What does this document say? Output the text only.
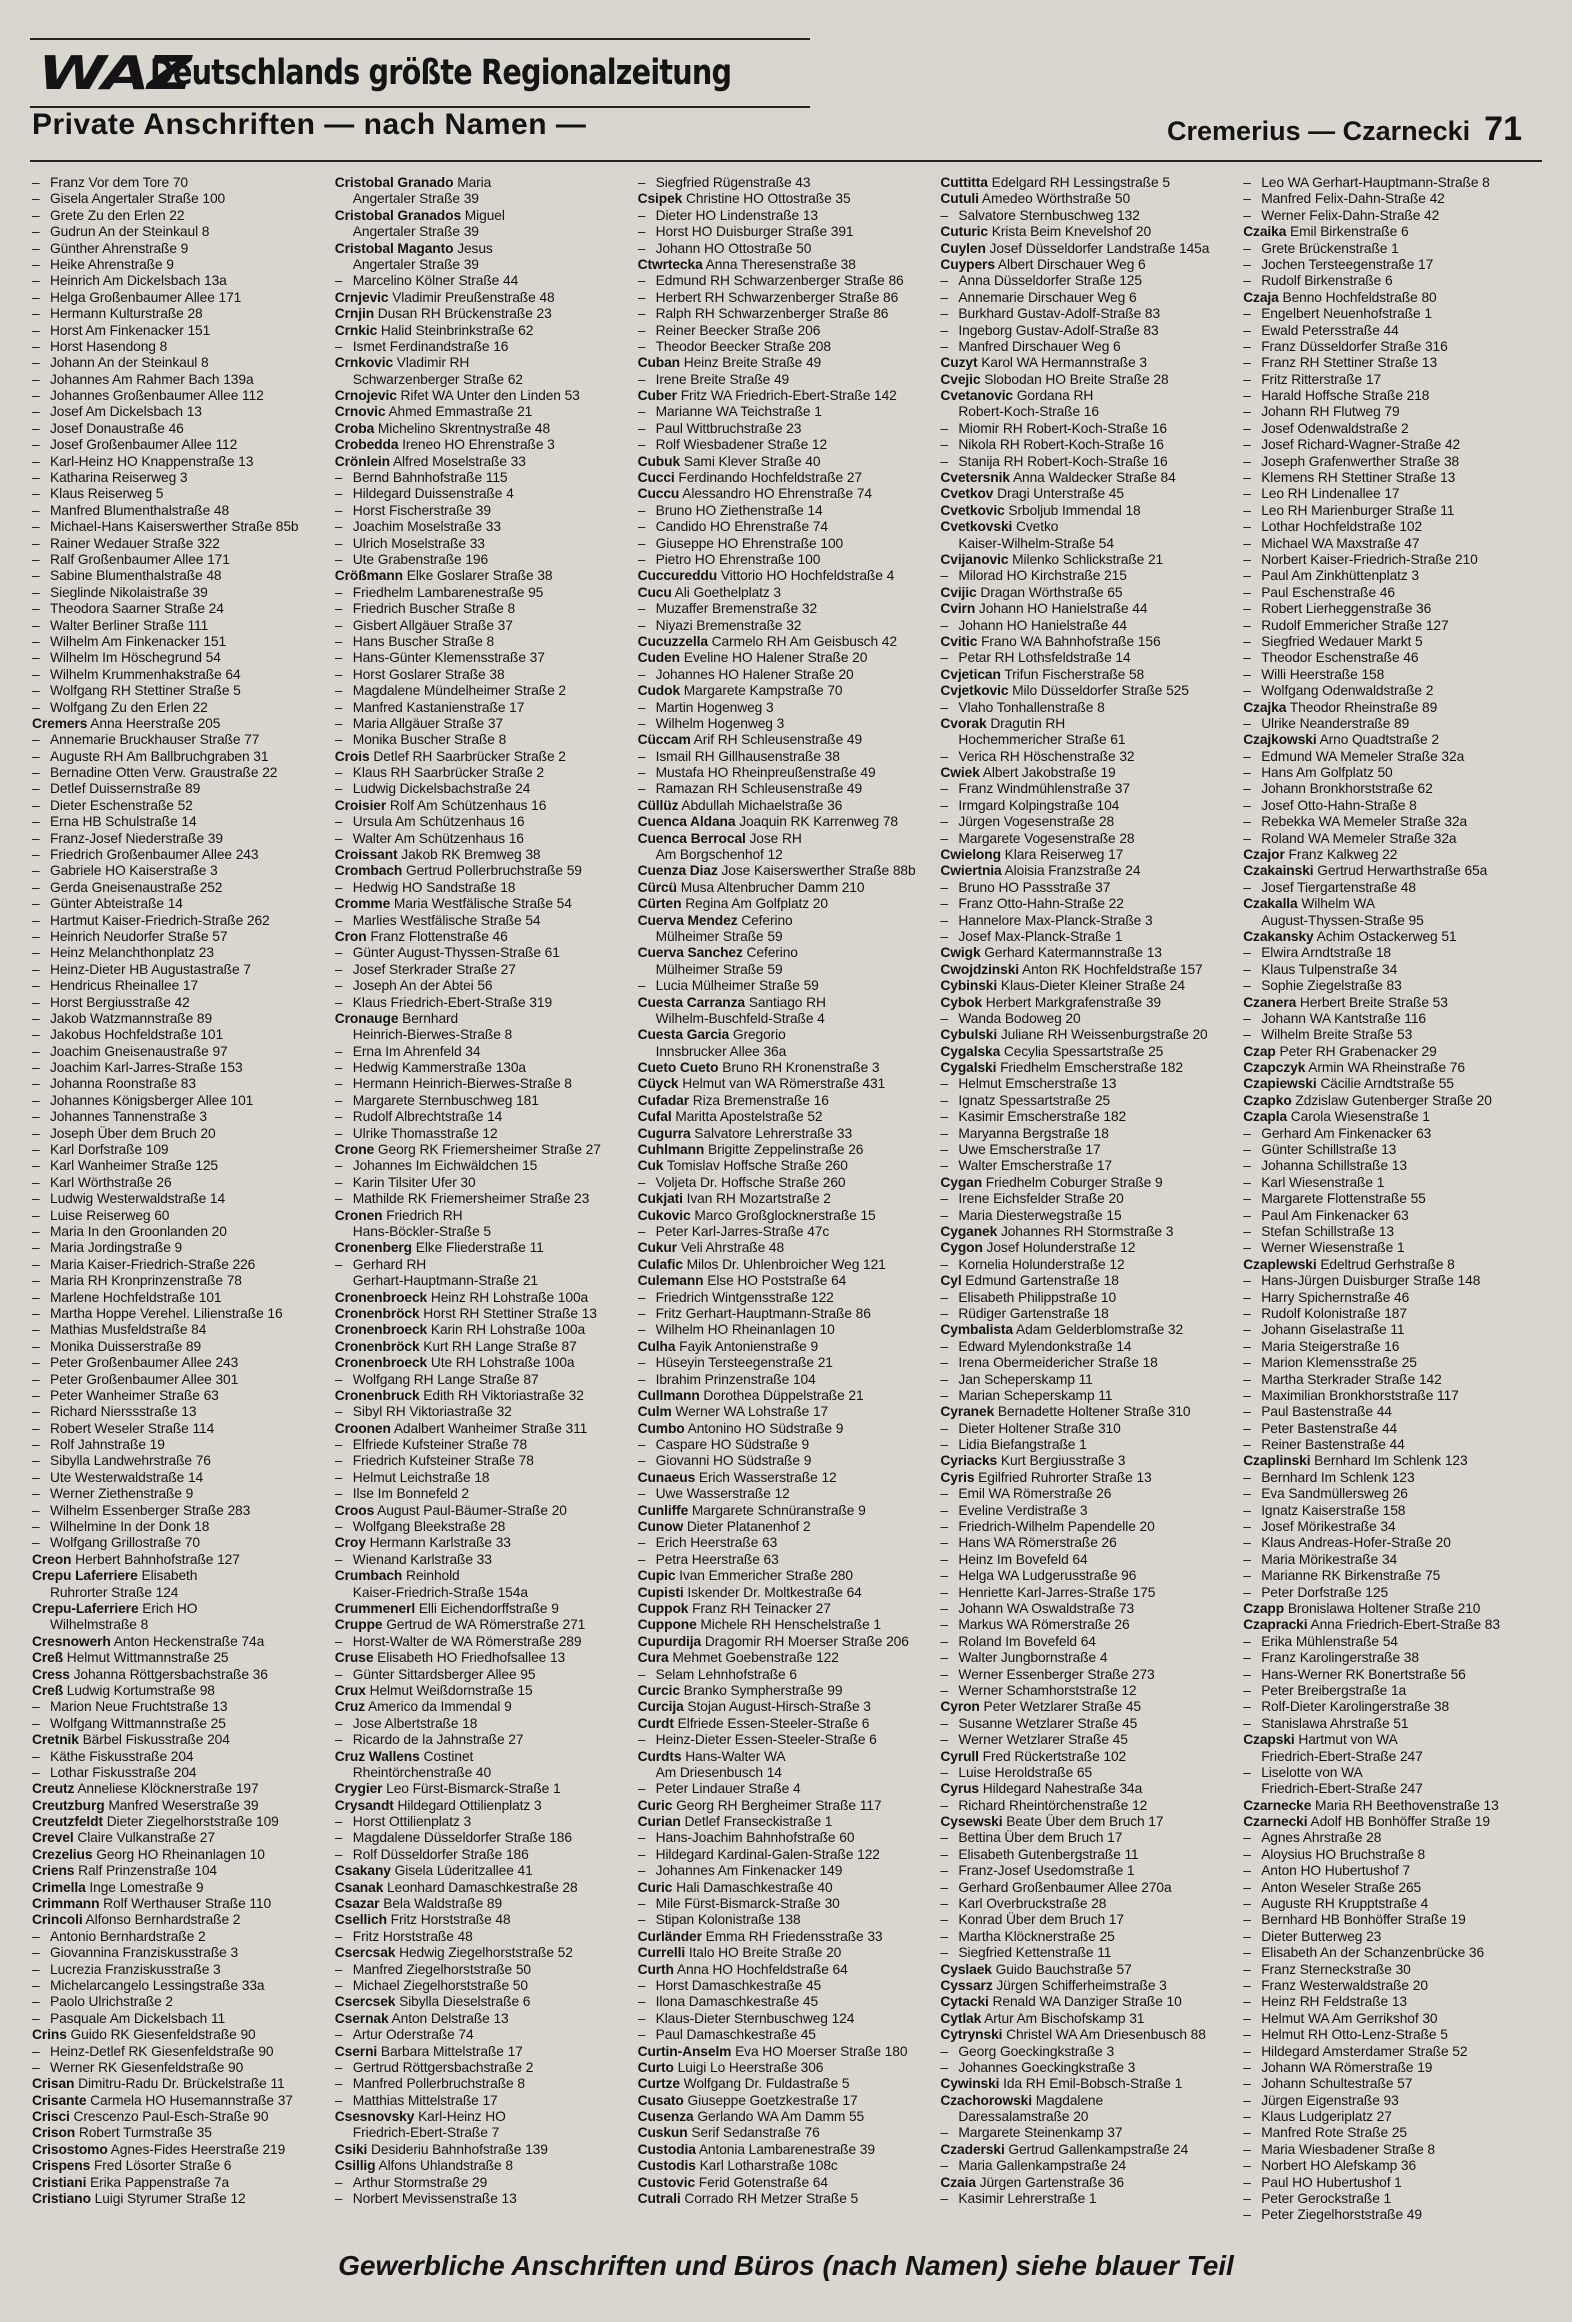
WAZ
Deutschlands größte Regionalzeitung
Private Anschriften — nach Namen —	Cremerius — Czarnecki 71
– Franz Vor dem Tore 70
– Gisela Angertaler Straße 100
– Grete Zu den Erlen 22
– Gudrun An der Steinkaul 8
– Günther Ahrenstraße 9
– Heike Ahrenstraße 9
– Heinrich Am Dickelsbach 13a
– Helga Großenbaumer Allee 171
– Hermann Kulturstraße 28
– Horst Am Finkenacker 151
– Horst Hasendong 8
– Johann An der Steinkaul 8
– Johannes Am Rahmer Bach 139a
– Johannes Großenbaumer Allee 112
– Josef Am Dickelsbach 13
– Josef Donaustraße 46
– Josef Großenbaumer Allee 112
– Karl-Heinz HO Knappenstraße 13
– Katharina Reiserweg 3
– Klaus Reiserweg 5
– Manfred Blumenthalstraße 48
– Michael-Hans Kaiserswerther Straße 85b
– Rainer Wedauer Straße 322
– Ralf Großenbaumer Allee 171
– Sabine Blumenthalstraße 48
– Sieglinde Nikolaistraße 39
– Theodora Saarner Straße 24
– Walter Berliner Straße 111
– Wilhelm Am Finkenacker 151
– Wilhelm Im Höschegrund 54
– Wilhelm Krummenhakstraße 64
– Wolfgang RH Stettiner Straße 5
– Wolfgang Zu den Erlen 22
Cremers Anna Heerstraße 205
– Annemarie Bruckhauser Straße 77
– Auguste RH Am Ballbruchgraben 31
– Bernadine Otten Verw. Graustraße 22
– Detlef Duissernstraße 89
– Dieter Eschenstraße 52
– Erna HB Schulstraße 14
– Franz-Josef Niederstraße 39
– Friedrich Großenbaumer Allee 243
– Gabriele HO Kaiserstraße 3
– Gerda Gneisenaustraße 252
– Günter Abteistraße 14
– Hartmut Kaiser-Friedrich-Straße 262
– Heinrich Neudorfer Straße 57
– Heinz Melanchthonplatz 23
– Heinz-Dieter HB Augustastraße 7
– Hendricus Rheinallee 17
– Horst Bergiusstraße 42
– Jakob Watzmannstraße 89
– Jakobus Hochfeldstraße 101
– Joachim Gneisenaustraße 97
– Joachim Karl-Jarres-Straße 153
– Johanna Roonstraße 83
– Johannes Königsberger Allee 101
– Johannes Tannenstraße 3
– Joseph Über dem Bruch 20
– Karl Dorfstraße 109
– Karl Wanheimer Straße 125
– Karl Wörthstraße 26
– Ludwig Westerwaldstraße 14
– Luise Reiserweg 60
– Maria In den Groonlanden 20
– Maria Jordingstraße 9
– Maria Kaiser-Friedrich-Straße 226
– Maria RH Kronprinzenstraße 78
– Marlene Hochfeldstraße 101
– Martha Hoppe Verehel. Lilienstraße 16
– Mathias Musfeldstraße 84
– Monika Duisserstraße 89
– Peter Großenbaumer Allee 243
– Peter Großenbaumer Allee 301
– Peter Wanheimer Straße 63
– Richard Nierssstraße 13
– Robert Weseler Straße 114
– Rolf Jahnstraße 19
– Sibylla Landwehrstraße 76
– Ute Westerwaldstraße 14
– Werner Ziethenstraße 9
– Wilhelm Essenberger Straße 283
– Wilhelmine In der Donk 18
– Wolfgang Grillostraße 70
Creon Herbert Bahnhofstraße 127
Crepu Laferriere Elisabeth
Ruhrorter Straße 124
Crepu-Laferriere Erich HO
Wilhelmstraße 8
Cresnowerh Anton Heckenstraße 74a
Creß Helmut Wittmannstraße 25
Cress Johanna Röttgersbachstraße 36
Creß Ludwig Kortumstraße 98
– Marion Neue Fruchtstraße 13
– Wolfgang Wittmannstraße 25
Cretnik Bärbel Fiskusstraße 204
– Käthe Fiskusstraße 204
– Lothar Fiskusstraße 204
Creutz Anneliese Klöcknerstraße 197
Creutzburg Manfred Weserstraße 39
Creutzfeldt Dieter Ziegelhorststraße 109
Crevel Claire Vulkanstraße 27
Crezelius Georg HO Rheinanlagen 10
Criens Ralf Prinzenstraße 104
Crimella Inge Lomestraße 9
Crimmann Rolf Werthauser Straße 110
Crincoli Alfonso Bernhardstraße 2
– Antonio Bernhardstraße 2
– Giovannina Franziskusstraße 3
– Lucrezia Franziskusstraße 3
– Michelarcangelo Lessingstraße 33a
– Paolo Ulrichstraße 2
– Pasquale Am Dickelsbach 11
Crins Guido RK Giesenfeldstraße 90
– Heinz-Detlef RK Giesenfeldstraße 90
– Werner RK Giesenfeldstraße 90
Crisan Dimitru-Radu Dr. Brückelstraße 11
Crisante Carmela HO Husemannstraße 37
Crisci Crescenzo Paul-Esch-Straße 90
Crison Robert Turmstraße 35
Crisostomo Agnes-Fides Heerstraße 219
Crispens Fred Lösorter Straße 6
Cristiani Erika Pappenstraße 7a
Cristiano Luigi Styrumer Straße 12
Cristobal Granado Maria
Angertaler Straße 39
Cristobal Granados Miguel
Angertaler Straße 39
Cristobal Maganto Jesus
Angertaler Straße 39
– Marcelino Kölner Straße 44
Crnjevic Vladimir Preußenstraße 48
Crnjin Dusan RH Brückenstraße 23
Crnkic Halid Steinbrinkstraße 62
– Ismet Ferdinandstraße 16
Crnkovic Vladimir RH
Schwarzenberger Straße 62
Crnojevic Rifet WA Unter den Linden 53
Crnovic Ahmed Emmastraße 21
Croba Michelino Skrentnystraße 48
Crobedda Ireneo HO Ehrenstraße 3
Crönlein Alfred Moselstraße 33
– Bernd Bahnhofstraße 115
– Hildegard Duissenstraße 4
– Horst Fischerstraße 39
– Joachim Moselstraße 33
– Ulrich Moselstraße 33
– Ute Grabenstraße 196
Crößmann Elke Goslarer Straße 38
– Friedhelm Lambarenestraße 95
– Friedrich Buscher Straße 8
– Gisbert Allgäuer Straße 37
– Hans Buscher Straße 8
– Hans-Günter Klemensstraße 37
– Horst Goslarer Straße 38
– Magdalene Mündelheimer Straße 2
– Manfred Kastanienstraße 17
– Maria Allgäuer Straße 37
– Monika Buscher Straße 8
Crois Detlef RH Saarbrücker Straße 2
– Klaus RH Saarbrücker Straße 2
– Ludwig Dickelsbachstraße 24
Croisier Rolf Am Schützenhaus 16
– Ursula Am Schützenhaus 16
– Walter Am Schützenhaus 16
Croissant Jakob RK Bremweg 38
Crombach Gertrud Pollerbruchstraße 59
– Hedwig HO Sandstraße 18
Cromme Maria Westfälische Straße 54
– Marlies Westfälische Straße 54
Cron Franz Flottenstraße 46
– Günter August-Thyssen-Straße 61
– Josef Sterkrader Straße 27
– Joseph An der Abtei 56
– Klaus Friedrich-Ebert-Straße 319
Cronauge Bernhard
Heinrich-Bierwes-Straße 8
– Erna Im Ahrenfeld 34
– Hedwig Kammerstraße 130a
– Hermann Heinrich-Bierwes-Straße 8
– Margarete Sternbuschweg 181
– Rudolf Albrechtstraße 14
– Ulrike Thomasstraße 12
Crone Georg RK Friemersheimer Straße 27
– Johannes Im Eichwäldchen 15
– Karin Tilsiter Ufer 30
– Mathilde RK Friemersheimer Straße 23
Cronen Friedrich RH
Hans-Böckler-Straße 5
Cronenberg Elke Fliederstraße 11
– Gerhard RH
Gerhart-Hauptmann-Straße 21
Cronenbroeck Heinz RH Lohstraße 100a
Cronenbröck Horst RH Stettiner Straße 13
Cronenbroeck Karin RH Lohstraße 100a
Cronenbröck Kurt RH Lange Straße 87
Cronenbroeck Ute RH Lohstraße 100a
– Wolfgang RH Lange Straße 87
Cronenbruck Edith RH Viktoriastraße 32
– Sibyl RH Viktoriastraße 32
Croonen Adalbert Wanheimer Straße 311
– Elfriede Kufsteiner Straße 78
– Friedrich Kufsteiner Straße 78
– Helmut Leichstraße 18
– Ilse Im Bonnefeld 2
Croos August Paul-Bäumer-Straße 20
– Wolfgang Bleekstraße 28
Croy Hermann Karlstraße 33
– Wienand Karlstraße 33
Crumbach Reinhold
Kaiser-Friedrich-Straße 154a
Crummenerl Elli Eichendorffstraße 9
Cruppe Gertrud de WA Römerstraße 271
– Horst-Walter de WA Römerstraße 289
Cruse Elisabeth HO Friedhofsallee 13
– Günter Sittardsberger Allee 95
Crux Helmut Weißdornstraße 15
Cruz Americo da Immendal 9
– Jose Albertstraße 18
– Ricardo de la Jahnstraße 27
Cruz Wallens Costinet
Rheintörchenstraße 40
Crygier Leo Fürst-Bismarck-Straße 1
Crysandt Hildegard Ottilienplatz 3
– Horst Ottilienplatz 3
– Magdalene Düsseldorfer Straße 186
– Rolf Düsseldorfer Straße 186
Csakany Gisela Lüderitzallee 41
Csanak Leonhard Damaschkestraße 28
Csazar Bela Waldstraße 89
Csellich Fritz Horststraße 48
– Fritz Horststraße 48
Csercsak Hedwig Ziegelhorststraße 52
– Manfred Ziegelhorststraße 50
– Michael Ziegelhorststraße 50
Csercsek Sibylla Dieselstraße 6
Csernak Anton Delstraße 13
– Artur Oderstraße 74
Cserni Barbara Mittelstraße 17
– Gertrud Röttgersbachstraße 2
– Manfred Pollerbruchstraße 8
– Matthias Mittelstraße 17
Csesnovsky Karl-Heinz HO
Friedrich-Ebert-Straße 7
Csiki Desideriu Bahnhofstraße 139
Csillig Alfons Uhlandstraße 8
– Arthur Stormstraße 29
– Norbert Mevissenstraße 13
– Siegfried Rügenstraße 43
Csipek Christine HO Ottostraße 35
– Dieter HO Lindenstraße 13
– Horst HO Duisburger Straße 391
– Johann HO Ottostraße 50
Ctwrtecka Anna Theresenstraße 38
– Edmund RH Schwarzenberger Straße 86
– Herbert RH Schwarzenberger Straße 86
– Ralph RH Schwarzenberger Straße 86
– Reiner Beecker Straße 206
– Theodor Beecker Straße 208
Cuban Heinz Breite Straße 49
– Irene Breite Straße 49
Cuber Fritz WA Friedrich-Ebert-Straße 142
– Marianne WA Teichstraße 1
– Paul Wittbruchstraße 23
– Rolf Wiesbadener Straße 12
Cubuk Sami Klever Straße 40
Cucci Ferdinando Hochfeldstraße 27
Cuccu Alessandro HO Ehrenstraße 74
– Bruno HO Ziethenstraße 14
– Candido HO Ehrenstraße 74
– Giuseppe HO Ehrenstraße 100
– Pietro HO Ehrenstraße 100
Cuccureddu Vittorio HO Hochfeldstraße 4
Cucu Ali Goethelplatz 3
– Muzaffer Bremenstraße 32
– Niyazi Bremenstraße 32
Cucuzzella Carmelo RH Am Geisbusch 42
Cuden Eveline HO Halener Straße 20
– Johannes HO Halener Straße 20
Cudok Margarete Kampstraße 70
– Martin Hogenweg 3
– Wilhelm Hogenweg 3
Cüccam Arif RH Schleusenstraße 49
– Ismail RH Gillhausenstraße 38
– Mustafa HO Rheinpreußenstraße 49
– Ramazan RH Schleusenstraße 49
Cüllüz Abdullah Michaelstraße 36
Cuenca Aldana Joaquin RK Karrenweg 78
Cuenca Berrocal Jose RH
Am Borgschenhof 12
Cuenza Diaz Jose Kaiserswerther Straße 88b
Cürcü Musa Altenbrucher Damm 210
Cürten Regina Am Golfplatz 20
Cuerva Mendez Ceferino
Mülheimer Straße 59
Cuerva Sanchez Ceferino
Mülheimer Straße 59
– Lucia Mülheimer Straße 59
Cuesta Carranza Santiago RH
Wilhelm-Buschfeld-Straße 4
Cuesta Garcia Gregorio
Innsbrucker Allee 36a
Cueto Cueto Bruno RH Kronenstraße 3
Cüyck Helmut van WA Römerstraße 431
Cufadar Riza Bremenstraße 16
Cufal Maritta Apostelstraße 52
Cugurra Salvatore Lehrerstraße 33
Cuhlmann Brigitte Zeppelinstraße 26
Cuk Tomislav Hoffsche Straße 260
– Voljeta Dr. Hoffsche Straße 260
Cukjati Ivan RH Mozartstraße 2
Cukovic Marco Großglocknerstraße 15
– Peter Karl-Jarres-Straße 47c
Cukur Veli Ahrstraße 48
Culafic Milos Dr. Uhlenbroicher Weg 121
Culemann Else HO Poststraße 64
– Friedrich Wintgensstraße 122
– Fritz Gerhart-Hauptmann-Straße 86
– Wilhelm HO Rheinanlagen 10
Culha Fayik Antonienstraße 9
– Hüseyin Tersteegenstraße 21
– Ibrahim Prinzenstraße 104
Cullmann Dorothea Düppelstraße 21
Culm Werner WA Lohstraße 17
Cumbo Antonino HO Südstraße 9
– Caspare HO Südstraße 9
– Giovanni HO Südstraße 9
Cunaeus Erich Wasserstraße 12
– Uwe Wasserstraße 12
Cunliffe Margarete Schnüranstraße 9
Cunow Dieter Platanenhof 2
– Erich Heerstraße 63
– Petra Heerstraße 63
Cupic Ivan Emmericher Straße 280
Cupisti Iskender Dr. Moltkestraße 64
Cuppok Franz RH Teinacker 27
Cuppone Michele RH Henschelstraße 1
Cupurdija Dragomir RH Moerser Straße 206
Cura Mehmet Goebenstraße 122
– Selam Lehnhofstraße 6
Curcic Branko Sympherstraße 99
Curcija Stojan August-Hirsch-Straße 3
Curdt Elfriede Essen-Steeler-Straße 6
– Heinz-Dieter Essen-Steeler-Straße 6
Curdts Hans-Walter WA
Am Driesenbusch 14
– Peter Lindauer Straße 4
Curic Georg RH Bergheimer Straße 117
Curian Detlef Franseckistraße 1
– Hans-Joachim Bahnhofstraße 60
– Hildegard Kardinal-Galen-Straße 122
– Johannes Am Finkenacker 149
Curic Hali Damaschkestraße 40
– Mile Fürst-Bismarck-Straße 30
– Stipan Kolonistraße 138
Curländer Emma RH Friedensstraße 33
Currelli Italo HO Breite Straße 20
Curth Anna HO Hochfeldstraße 64
– Horst Damaschkestraße 45
– Ilona Damaschkestraße 45
– Klaus-Dieter Sternbuschweg 124
– Paul Damaschkestraße 45
Curtin-Anselm Eva HO Moerser Straße 180
Curto Luigi Lo Heerstraße 306
Curtze Wolfgang Dr. Fuldastraße 5
Cusato Giuseppe Goetzkestraße 17
Cusenza Gerlando WA Am Damm 55
Cuskun Serif Sedanstraße 76
Custodia Antonia Lambarenestraße 39
Custodis Karl Lotharstraße 108c
Custovic Ferid Gotenstraße 64
Cutrali Corrado RH Metzer Straße 5
Cuttitta Edelgard RH Lessingstraße 5
Cutuli Amedeo Wörthstraße 50
– Salvatore Sternbuschweg 132
Cuturic Krista Beim Knevelshof 20
Cuylen Josef Düsseldorfer Landstraße 145a
Cuypers Albert Dirschauer Weg 6
– Anna Düsseldorfer Straße 125
– Annemarie Dirschauer Weg 6
– Burkhard Gustav-Adolf-Straße 83
– Ingeborg Gustav-Adolf-Straße 83
– Manfred Dirschauer Weg 6
Cuzyt Karol WA Hermannstraße 3
Cvejic Slobodan HO Breite Straße 28
Cvetanovic Gordana RH
Robert-Koch-Straße 16
– Miomir RH Robert-Koch-Straße 16
– Nikola RH Robert-Koch-Straße 16
– Stanija RH Robert-Koch-Straße 16
Cvetersnik Anna Waldecker Straße 84
Cvetkov Dragi Unterstraße 45
Cvetkovic Srboljub Immendal 18
Cvetkovski Cvetko
Kaiser-Wilhelm-Straße 54
Cvijanovic Milenko Schlickstraße 21
– Milorad HO Kirchstraße 215
Cvijic Dragan Wörthstraße 65
Cvirn Johann HO Hanielstraße 44
– Johann HO Hanielstraße 44
Cvitic Frano WA Bahnhofstraße 156
– Petar RH Lothsfeldstraße 14
Cvjetican Trifun Fischerstraße 58
Cvjetkovic Milo Düsseldorfer Straße 525
– Vlaho Tonhallenstraße 8
Cvorak Dragutin RH
Hochemmericher Straße 61
– Verica RH Höschenstraße 32
Cwiek Albert Jakobstraße 19
– Franz Windmühlenstraße 37
– Irmgard Kolpingstraße 104
– Jürgen Vogesenstraße 28
– Margarete Vogesenstraße 28
Cwielong Klara Reiserweg 17
Cwiertnia Aloisia Franzstraße 24
– Bruno HO Passstraße 37
– Franz Otto-Hahn-Straße 22
– Hannelore Max-Planck-Straße 3
– Josef Max-Planck-Straße 1
Cwigk Gerhard Katermannstraße 13
Cwojdzinski Anton RK Hochfeldstraße 157
Cybinski Klaus-Dieter Kleiner Straße 24
Cybok Herbert Markgrafenstraße 39
– Wanda Bodoweg 20
Cybulski Juliane RH Weissenburgstraße 20
Cygalska Cecylia Spessartstraße 25
Cygalski Friedhelm Emscherstraße 182
– Helmut Emscherstraße 13
– Ignatz Spessartstraße 25
– Kasimir Emscherstraße 182
– Maryanna Bergstraße 18
– Uwe Emscherstraße 17
– Walter Emscherstraße 17
Cygan Friedhelm Coburger Straße 9
– Irene Eichsfelder Straße 20
– Maria Diesterwegstraße 15
Cyganek Johannes RH Stormstraße 3
Cygon Josef Holunderstraße 12
– Kornelia Holunderstraße 12
Cyl Edmund Gartenstraße 18
– Elisabeth Philippstraße 10
– Rüdiger Gartenstraße 18
Cymbalista Adam Gelderblomstraße 32
– Edward Mylendonkstraße 14
– Irena Obermeidericher Straße 18
– Jan Scheperskamp 11
– Marian Scheperskamp 11
Cyranek Bernadette Holtener Straße 310
– Dieter Holtener Straße 310
– Lidia Biefangstraße 1
Cyriacks Kurt Bergiusstraße 3
Cyris Egilfried Ruhrorter Straße 13
– Emil WA Römerstraße 26
– Eveline Verdistraße 3
– Friedrich-Wilhelm Papendelle 20
– Hans WA Römerstraße 26
– Heinz Im Bovefeld 64
– Helga WA Ludgerusstraße 96
– Henriette Karl-Jarres-Straße 175
– Johann WA Oswaldstraße 73
– Markus WA Römerstraße 26
– Roland Im Bovefeld 64
– Walter Jungbornstraße 4
– Werner Essenberger Straße 273
– Werner Schamhorststraße 12
Cyron Peter Wetzlarer Straße 45
– Susanne Wetzlarer Straße 45
– Werner Wetzlarer Straße 45
Cyrull Fred Rückertstraße 102
– Luise Heroldstraße 65
Cyrus Hildegard Nahestraße 34a
– Richard Rheintörchenstraße 12
Cysewski Beate Über dem Bruch 17
– Bettina Über dem Bruch 17
– Elisabeth Gutenbergstraße 11
– Franz-Josef Usedomstraße 1
– Gerhard Großenbaumer Allee 270a
– Karl Overbruckstraße 28
– Konrad Über dem Bruch 17
– Martha Klöcknerstraße 25
– Siegfried Kettenstraße 11
Cyslaek Guido Bauchstraße 57
Cyssarz Jürgen Schifferheimstraße 3
Cytacki Renald WA Danziger Straße 10
Cytlak Artur Am Bischofskamp 31
Cytrynski Christel WA Am Driesenbusch 88
– Georg Goeckingkstraße 3
– Johannes Goeckingkstraße 3
Cywinski Ida RH Emil-Bobsch-Straße 1
Czachorowski Magdalene
Daressalamstraße 20
– Margarete Steinenkamp 37
Czaderski Gertrud Gallenkampstraße 24
– Maria Gallenkampstraße 24
Czaia Jürgen Gartenstraße 36
– Kasimir Lehrerstraße 1
– Leo WA Gerhart-Hauptmann-Straße 8
– Manfred Felix-Dahn-Straße 42
– Werner Felix-Dahn-Straße 42
Czaika Emil Birkenstraße 6
– Grete Brückenstraße 1
– Jochen Tersteegenstraße 17
– Rudolf Birkenstraße 6
Czaja Benno Hochfeldstraße 80
– Engelbert Neuenhofstraße 1
– Ewald Petersstraße 44
– Franz Düsseldorfer Straße 316
– Franz RH Stettiner Straße 13
– Fritz Ritterstraße 17
– Harald Hoffsche Straße 218
– Johann RH Flutweg 79
– Josef Odenwaldstraße 2
– Josef Richard-Wagner-Straße 42
– Joseph Grafenwerther Straße 38
– Klemens RH Stettiner Straße 13
– Leo RH Lindenallee 17
– Leo RH Marienburger Straße 11
– Lothar Hochfeldstraße 102
– Michael WA Maxstraße 47
– Norbert Kaiser-Friedrich-Straße 210
– Paul Am Zinkhüttenplatz 3
– Paul Eschenstraße 46
– Robert Lierheggenstraße 36
– Rudolf Emmericher Straße 127
– Siegfried Wedauer Markt 5
– Theodor Eschenstraße 46
– Willi Heerstraße 158
– Wolfgang Odenwaldstraße 2
Czajka Theodor Rheinstraße 89
– Ulrike Neanderstraße 89
Czajkowski Arno Quadtstraße 2
– Edmund WA Memeler Straße 32a
– Hans Am Golfplatz 50
– Johann Bronkhorststraße 62
– Josef Otto-Hahn-Straße 8
– Rebekka WA Memeler Straße 32a
– Roland WA Memeler Straße 32a
Czajor Franz Kalkweg 22
Czakainski Gertrud Herwarthstraße 65a
– Josef Tiergartenstraße 48
Czakalla Wilhelm WA
August-Thyssen-Straße 95
Czakansky Achim Ostackerweg 51
– Elwira Arndtstraße 18
– Klaus Tulpenstraße 34
– Sophie Ziegelstraße 83
Czanera Herbert Breite Straße 53
– Johann WA Kantstraße 116
– Wilhelm Breite Straße 53
Czap Peter RH Grabenacker 29
Czapczyk Armin WA Rheinstraße 76
Czapiewski Cäcilie Arndtstraße 55
Czapko Zdzislaw Gutenberger Straße 20
Czapla Carola Wiesenstraße 1
– Gerhard Am Finkenacker 63
– Günter Schillstraße 13
– Johanna Schillstraße 13
– Karl Wiesenstraße 1
– Margarete Flottenstraße 55
– Paul Am Finkenacker 63
– Stefan Schillstraße 13
– Werner Wiesenstraße 1
Czaplewski Edeltrud Gerhstraße 8
– Hans-Jürgen Duisburger Straße 148
– Harry Spichernstraße 46
– Rudolf Kolonistraße 187
– Johann Giselastraße 11
– Maria Steigerstraße 16
– Marion Klemensstraße 25
– Martha Sterkrader Straße 142
– Maximilian Bronkhorststraße 117
– Paul Bastenstraße 44
– Peter Bastenstraße 44
– Reiner Bastenstraße 44
Czaplinski Bernhard Im Schlenk 123
– Bernhard Im Schlenk 123
– Eva Sandmüllersweg 26
– Ignatz Kaiserstraße 158
– Josef Mörikestraße 34
– Klaus Andreas-Hofer-Straße 20
– Maria Mörikestraße 34
– Marianne RK Birkenstraße 75
– Peter Dorfstraße 125
Czapp Bronislawa Holtener Straße 210
Czapracki Anna Friedrich-Ebert-Straße 83
– Erika Mühlenstraße 54
– Franz Karolingerstraße 38
– Hans-Werner RK Bonertstraße 56
– Peter Breibergstraße 1a
– Rolf-Dieter Karolingerstraße 38
– Stanislawa Ahrstraße 51
Czapski Hartmut von WA
Friedrich-Ebert-Straße 247
– Liselotte von WA
Friedrich-Ebert-Straße 247
Czarnecke Maria RH Beethovenstraße 13
Czarnecki Adolf HB Bonhöffer Straße 19
– Agnes Ahrstraße 28
– Aloysius HO Bruchstraße 8
– Anton HO Hubertushof 7
– Anton Weseler Straße 265
– Auguste RH Krupptstraße 4
– Bernhard HB Bonhöffer Straße 19
– Dieter Butterweg 23
– Elisabeth An der Schanzenbrücke 36
– Franz Sterneckstraße 30
– Franz Westerwaldstraße 20
– Heinz RH Feldstraße 13
– Helmut WA Am Gerrikshof 30
– Helmut RH Otto-Lenz-Straße 5
– Hildegard Amsterdamer Straße 52
– Johann WA Römerstraße 19
– Johann Schultestraße 57
– Jürgen Eigenstraße 93
– Klaus Ludgeriplatz 27
– Manfred Rote Straße 25
– Maria Wiesbadener Straße 8
– Norbert HO Alefskamp 36
– Paul HO Hubertushof 1
– Peter Gerockstraße 1
– Peter Ziegelhorststraße 49
Gewerbliche Anschriften und Büros (nach Namen) siehe blauer Teil
